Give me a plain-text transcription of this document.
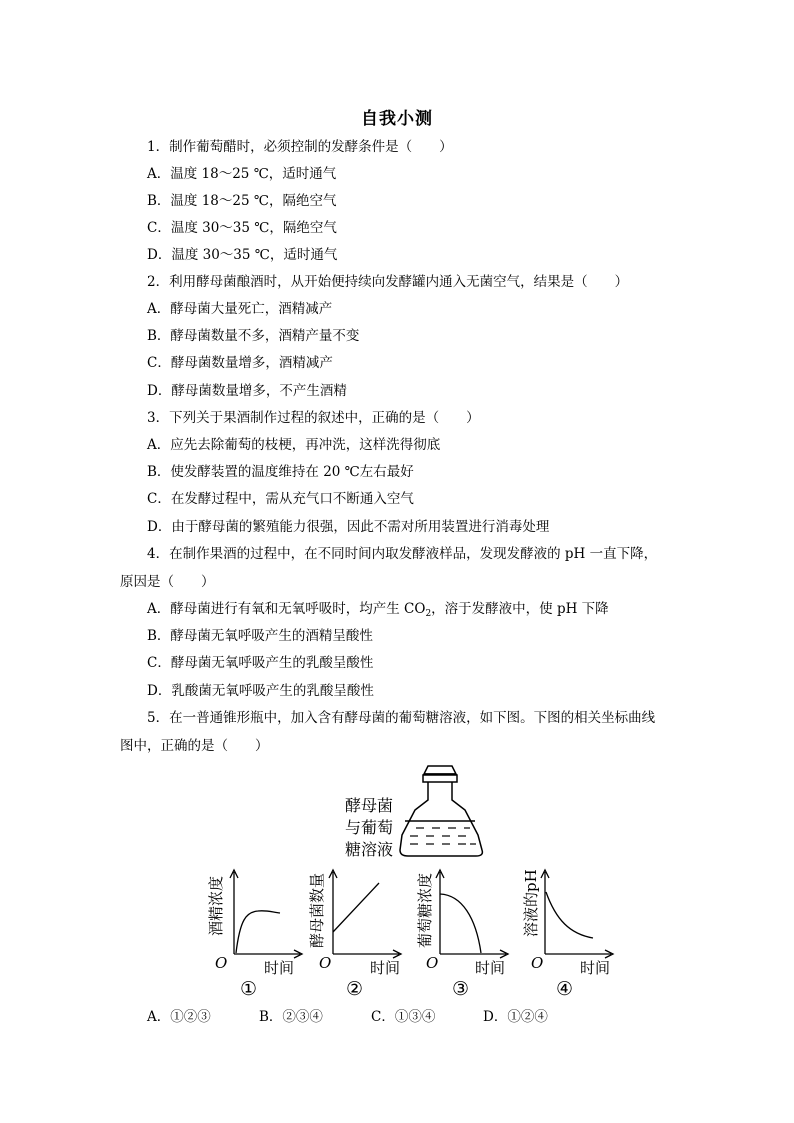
自我小测
1．制作葡萄醋时，必须控制的发酵条件是（　　）
A．温度 18～25 ℃，适时通气
B．温度 18～25 ℃，隔绝空气
C．温度 30～35 ℃，隔绝空气
D．温度 30～35 ℃，适时通气
2．利用酵母菌酿酒时，从开始便持续向发酵罐内通入无菌空气，结果是（　　）
A．酵母菌大量死亡，酒精减产
B．酵母菌数量不多，酒精产量不变
C．酵母菌数量增多，酒精减产
D．酵母菌数量增多，不产生酒精
3．下列关于果酒制作过程的叙述中，正确的是（　　）
A．应先去除葡萄的枝梗，再冲洗，这样洗得彻底
B．使发酵装置的温度维持在 20 ℃左右最好
C．在发酵过程中，需从充气口不断通入空气
D．由于酵母菌的繁殖能力很强，因此不需对所用装置进行消毒处理
4．在制作果酒的过程中，在不同时间内取发酵液样品，发现发酵液的 pH 一直下降，
原因是（　　）
A．酵母菌进行有氧和无氧呼吸时，均产生 $CO_2$，溶于发酵液中，使 pH 下降
B．酵母菌无氧呼吸产生的酒精呈酸性
C．酵母菌无氧呼吸产生的乳酸呈酸性
D．乳酸菌无氧呼吸产生的乳酸呈酸性
5．在一普通锥形瓶中，加入含有酵母菌的葡萄糖溶液，如下图。下图的相关坐标曲线
图中，正确的是（　　）
酵母菌
与葡萄
糖溶液
酒精浓度
O 时间
①
酵母菌数量
O	时间
②
葡萄糖浓度
O 时间
③
溶液的pH
O 时间
④
A．①②③	B．②③④	C．①③④	D．①②④
